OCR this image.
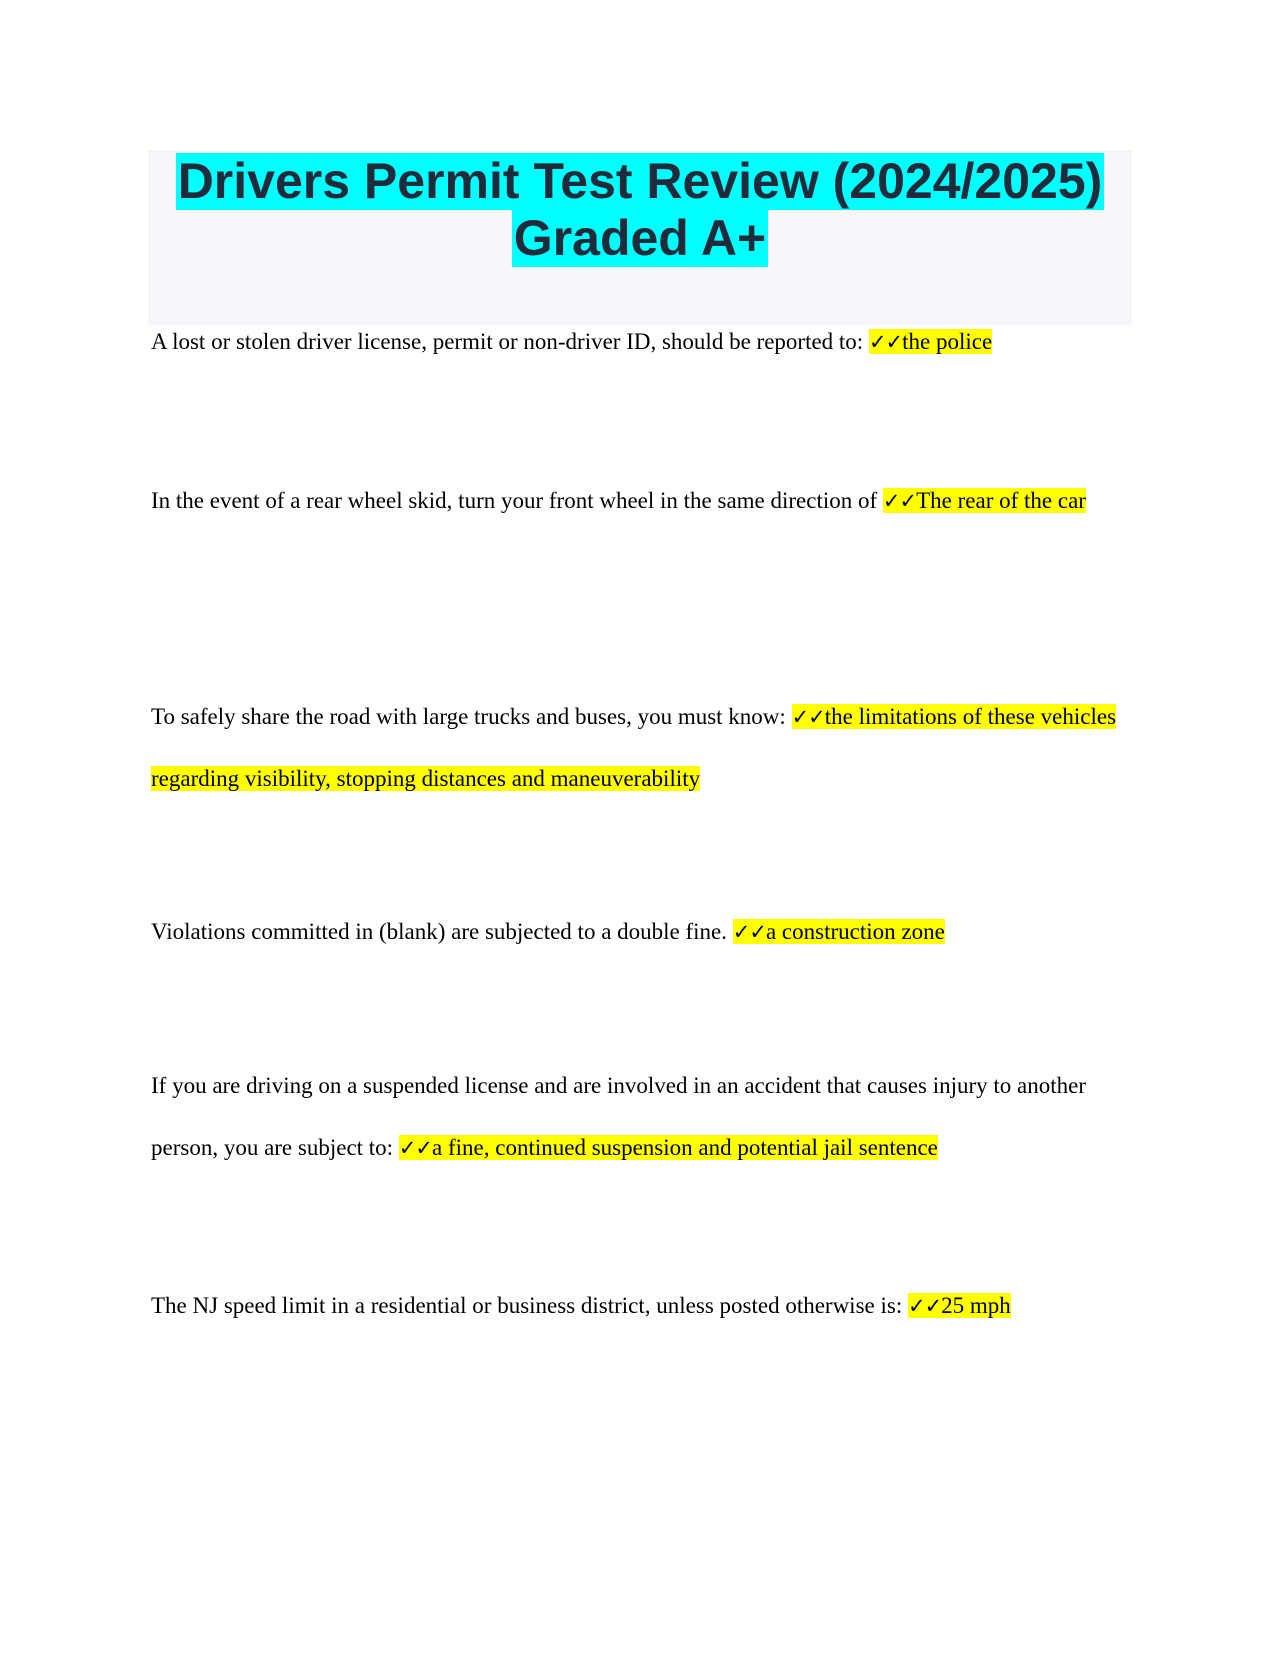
Drivers Permit Test Review (2024/2025)
Graded A+
A lost or stolen driver license, permit or non-driver ID, should be reported to: ✓✓the police
In the event of a rear wheel skid, turn your front wheel in the same direction of ✓✓The rear of the car
To safely share the road with large trucks and buses, you must know: ✓✓the limitations of these vehicles regarding visibility, stopping distances and maneuverability
Violations committed in (blank) are subjected to a double fine. ✓✓a construction zone
If you are driving on a suspended license and are involved in an accident that causes injury to another person, you are subject to: ✓✓a fine, continued suspension and potential jail sentence
The NJ speed limit in a residential or business district, unless posted otherwise is: ✓✓25 mph
